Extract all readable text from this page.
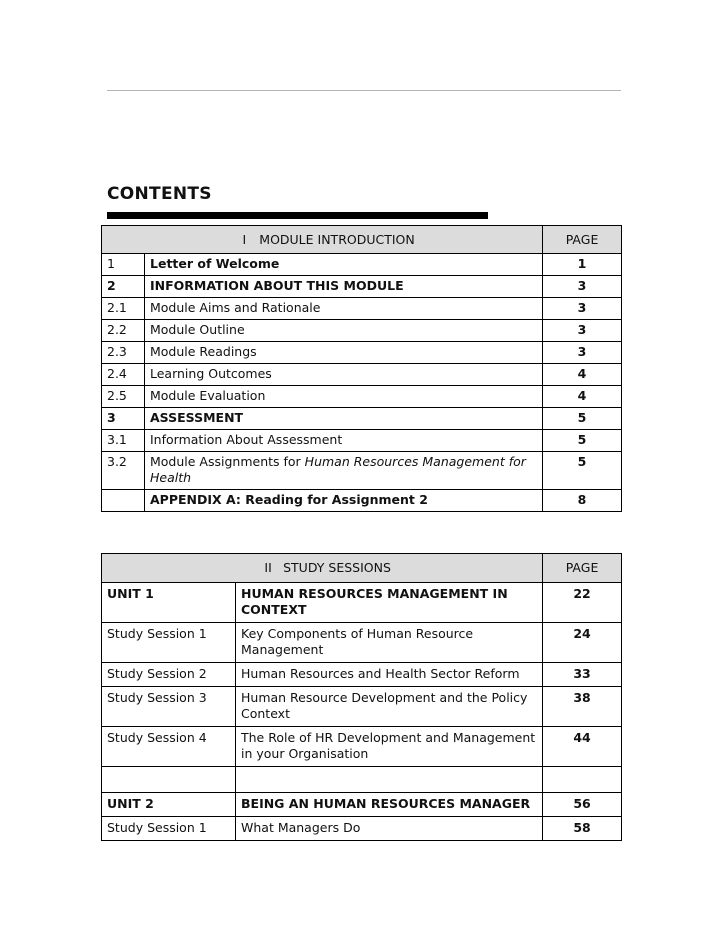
CONTENTS
I MODULE INTRODUCTION		PAGE
1	Letter of Welcome	1
2	INFORMATION ABOUT THIS MODULE	3
2.1	Module Aims and Rationale	3
2.2	Module Outline	3
2.3	Module Readings	3
2.4	Learning Outcomes	4
2.5	Module Evaluation	4
3	ASSESSMENT	5
3.1	Information About Assessment	5
3.2	Module Assignments for Human Resources Management for Health	5
	APPENDIX A: Reading for Assignment 2	8
II STUDY SESSIONS		PAGE
UNIT 1	HUMAN RESOURCES MANAGEMENT IN CONTEXT	22
Study Session 1	Key Components of Human Resource Management	24
Study Session 2	Human Resources and Health Sector Reform	33
Study Session 3	Human Resource Development and the Policy Context	38
Study Session 4	The Role of HR Development and Management in your Organisation	44

UNIT 2	BEING AN HUMAN RESOURCES MANAGER	56
Study Session 1	What Managers Do	58
